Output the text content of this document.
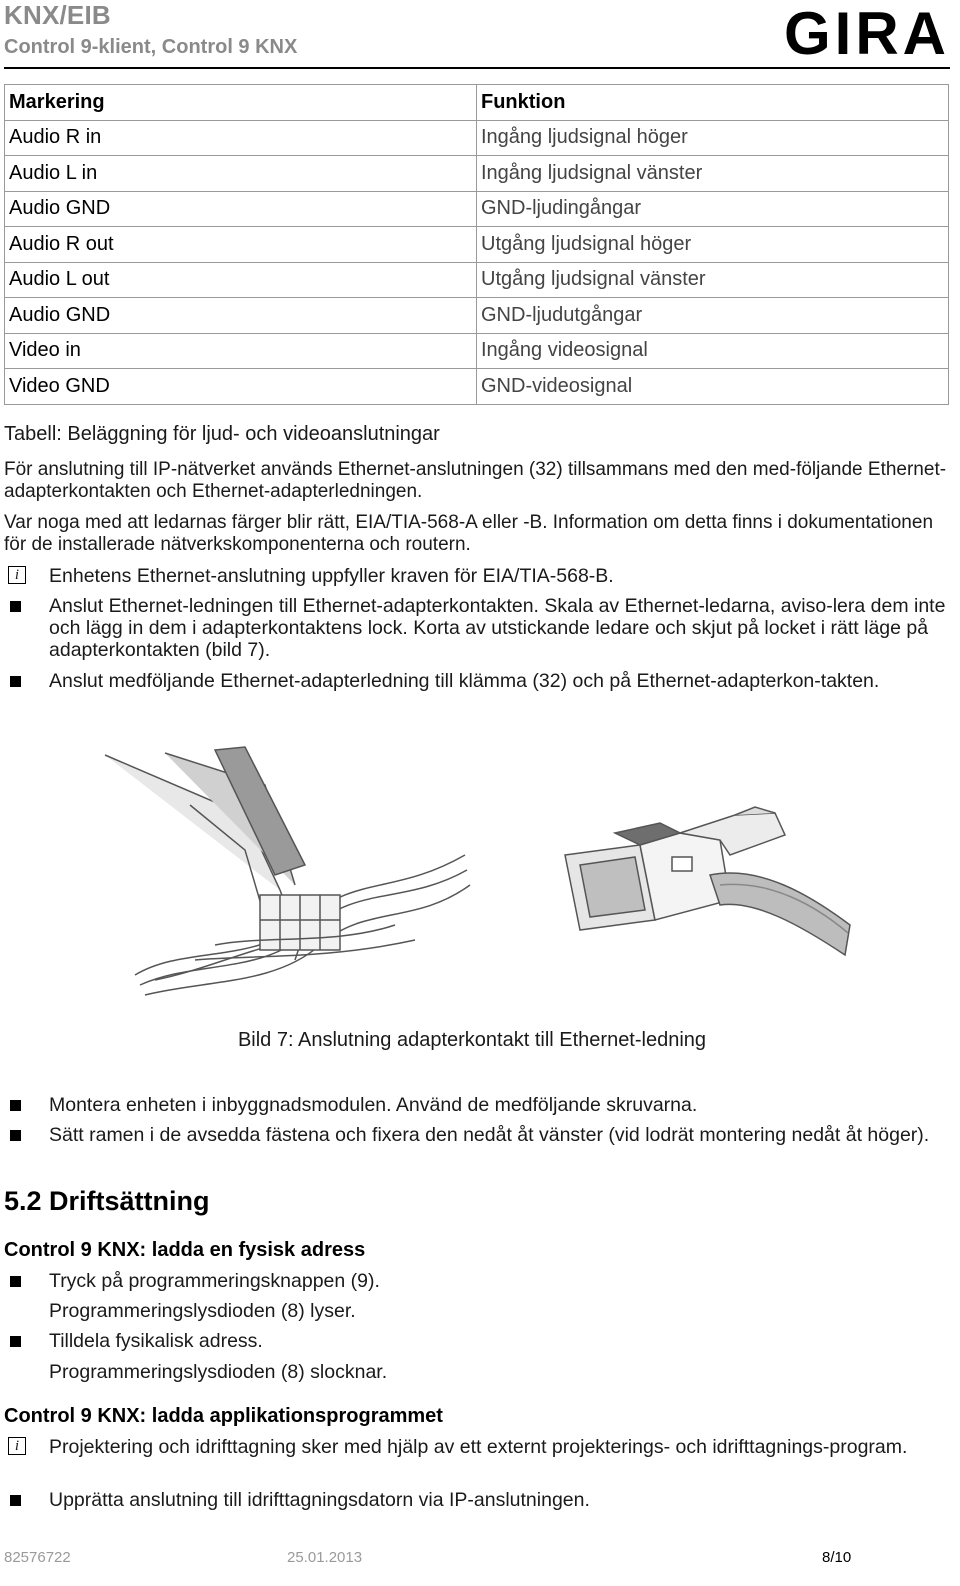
KNX/EIB
Control 9-klient, Control 9 KNX	GIRA
Markering	Funktion
Audio R in	Ingång ljudsignal höger
Audio L in	Ingång ljudsignal vänster
Audio GND	GND-ljudingångar
Audio R out	Utgång ljudsignal höger
Audio L out	Utgång ljudsignal vänster
Audio GND	GND-ljudutgångar
Video in	Ingång videosignal
Video GND	GND-videosignal
Tabell: Beläggning för ljud- och videoanslutningar
För anslutning till IP-nätverket används Ethernet-anslutningen (32) tillsammans med den med-följande Ethernet-adapterkontakten och Ethernet-adapterledningen.
Var noga med att ledarnas färger blir rätt, EIA/TIA-568-A eller -B. Information om detta finns i dokumentationen för de installerade nätverkskomponenterna och routern.
i	Enhetens Ethernet-anslutning uppfyller kraven för EIA/TIA-568-B.
Anslut Ethernet-ledningen till Ethernet-adapterkontakten. Skala av Ethernet-ledarna, aviso-lera dem inte och lägg in dem i adapterkontaktens lock. Korta av utstickande ledare och skjut på locket i rätt läge på adapterkontakten (bild 7).
Anslut medföljande Ethernet-adapterledning till klämma (32) och på Ethernet-adapterkon-takten.
Bild 7: Anslutning adapterkontakt till Ethernet-ledning
Montera enheten i inbyggnadsmodulen. Använd de medföljande skruvarna.
Sätt ramen i de avsedda fästena och fixera den nedåt åt vänster (vid lodrät montering nedåt åt höger).
5.2 Driftsättning
Control 9 KNX: ladda en fysisk adress
Tryck på programmeringsknappen (9).
Programmeringslysdioden (8) lyser.
Tilldela fysikalisk adress.
Programmeringslysdioden (8) slocknar.
Control 9 KNX: ladda applikationsprogrammet
i	Projektering och idrifttagning sker med hjälp av ett externt projekterings- och idrifttagnings-program.
Upprätta anslutning till idrifttagningsdatorn via IP-anslutningen.
82576722	25.01.2013	8/10
